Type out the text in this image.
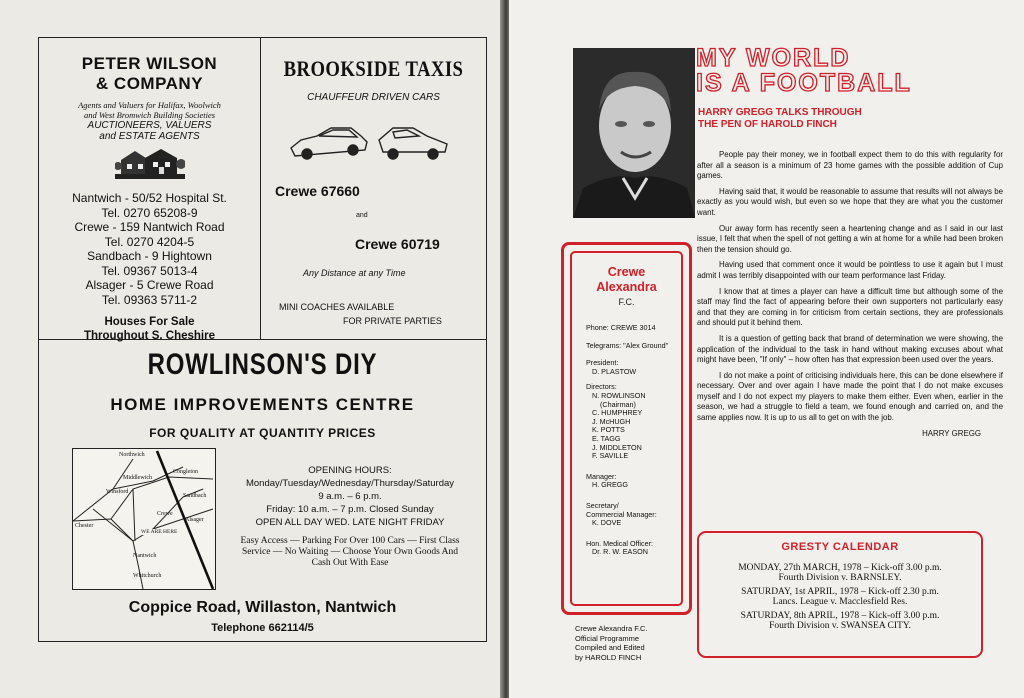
PETER WILSON
& COMPANY
Agents and Valuers for Halifax, Woolwich
and West Bromwich Building Societies
AUCTIONEERS, VALUERS
and ESTATE AGENTS
Nantwich - 50/52 Hospital St.
Tel. 0270 65208-9
Crewe - 159 Nantwich Road
Tel. 0270 4204-5
Sandbach - 9 Hightown
Tel. 09367 5013-4
Alsager - 5 Crewe Road
Tel. 09363 5711-2
Houses For Sale
Throughout S. Cheshire
BROOKSIDE TAXIS
CHAUFFEUR DRIVEN CARS
Crewe 67660
and
Crewe 60719
Any Distance at any Time
MINI COACHES AVAILABLE
FOR PRIVATE PARTIES
ROWLINSON'S DIY
HOME IMPROVEMENTS CENTRE
FOR QUALITY AT QUANTITY PRICES
Northwich
Middlewich
Winsford
Congleton
Sandbach
Crewe
Alsager
Nantwich
Whitchurch
Chester
WE ARE HERE
OPENING HOURS:
Monday/Tuesday/Wednesday/Thursday/Saturday
9 a.m. – 6 p.m.
Friday: 10 a.m. – 7 p.m. Closed Sunday
OPEN ALL DAY WED. LATE NIGHT FRIDAY
Easy Access — Parking For Over 100 Cars — First Class
Service — No Waiting — Choose Your Own Goods And
Cash Out With Ease
Coppice Road, Willaston, Nantwich
Telephone 662114/5
MY WORLD
IS A FOOTBALL
HARRY GREGG TALKS THROUGH
THE PEN OF HAROLD FINCH

People pay their money, we in football expect them to do this with regularity for after all a season is a minimum of 23 home games with the possible addition of Cup games.

Having said that, it would be reasonable to assume that results will not always be exactly as you would wish, but even so we hope that they are what you the customer want.

Our away form has recently seen a heartening change and as I said in our last issue, I felt that when the spell of not getting a win at home for a while had been broken then the tension should go.

Having used that comment once it would be pointless to use it again but I must admit I was terribly disappointed with our team performance last Friday.

I know that at times a player can have a difficult time but although some of the staff may find the fact of appearing before their own supporters not particularly easy and that they are coming in for criticism from certain sections, they are professionals and should put it behind them.

It is a question of getting back that brand of determination we were showing, the application of the individual to the task in hand without making excuses about what might have been, "If only" – how often has that expression been used over the years.

I do not make a point of criticising individuals here, this can be done elsewhere if necessary. Over and over again I have made the point that I do not make excuses myself and I do not expect my players to make them either. Even when, earlier in the season, we had a struggle to field a team, we found enough and carried on, and the same applies now. It is up to us all to get on with the job.

HARRY GREGG
Crewe
Alexandra
F.C.
Phone: CREWE 3014
Telegrams: "Alex Ground"
President:
D. PLASTOW
Directors:
N. ROWLINSON
(Chairman)
C. HUMPHREY
J. McHUGH
K. POTTS
E. TAGG
J. MIDDLETON
F. SAVILLE
Manager:
H. GREGG
Secretary/
Commercial Manager:
K. DOVE
Hon. Medical Officer:
Dr. R. W. EASON
Crewe Alexandra F.C.
Official Programme
Compiled and Edited
by HAROLD FINCH
GRESTY CALENDAR
MONDAY, 27th MARCH, 1978 – Kick-off 3.00 p.m.
Fourth Division v. BARNSLEY.
SATURDAY, 1st APRIL, 1978 – Kick-off 2.30 p.m.
Lancs. League v. Macclesfield Res.
SATURDAY, 8th APRIL, 1978 – Kick-off 3.00 p.m.
Fourth Division v. SWANSEA CITY.
